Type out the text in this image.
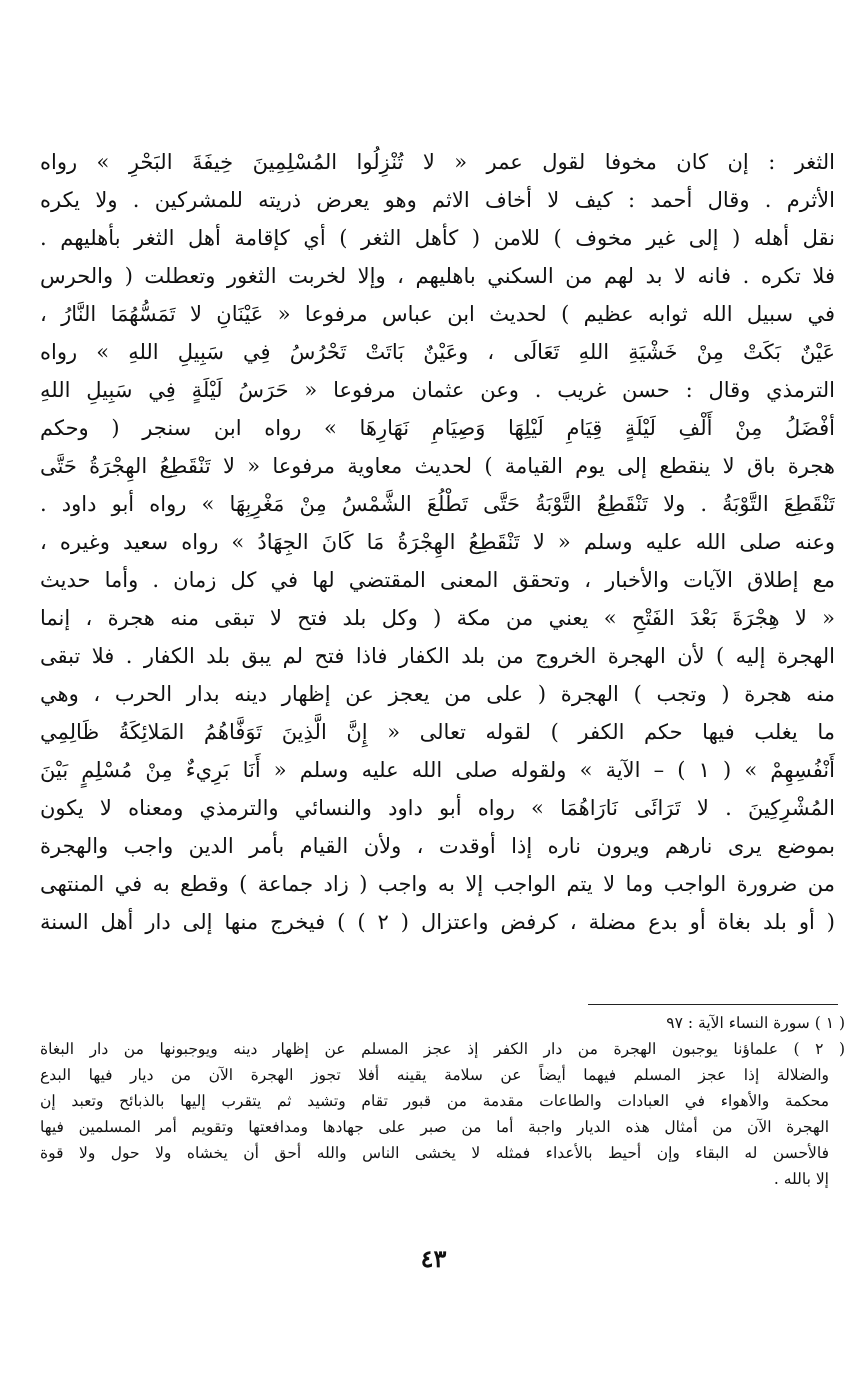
الثغر : إن كان مخوفا لقول عمر « لا تُنْزِلُوا المُسْلِمِينَ خِيفَةَ البَحْرِ » رواه
الأثرم . وقال أحمد : كيف لا أخاف الاثم وهو يعرض ذريته للمشركين . ولا يكره
نقل أهله ( إلى غير مخوف ) للامن ( كأهل الثغر ) أي كإقامة أهل الثغر بأهليهم .
فلا تكره . فانه لا بد لهم من السكني باهليهم ، وإلا لخربت الثغور وتعطلت ( والحرس
في سبيل الله ثوابه عظيم ) لحديث ابن عباس مرفوعا « عَيْنَانِ لا تَمَسُّهُمَا النَّارُ ،
عَيْنٌ بَكَتْ مِنْ خَشْيَةِ اللهِ تَعَالَى ، وعَيْنٌ بَاتَتْ تَحْرُسُ فِي سَبِيلِ اللهِ » رواه
الترمذي وقال : حسن غريب . وعن عثمان مرفوعا « حَرَسُ لَيْلَةٍ فِي سَبِيلِ اللهِ
أفْضَلُ مِنْ أَلْفِ لَيْلَةٍ قِيَامِ لَيْلِهَا وَصِيَامِ نَهَارِهَا » رواه ابن سنجر ( وحكم
هجرة باق لا ينقطع إلى يوم القيامة ) لحديث معاوية مرفوعا « لا تَنْقَطِعُ الهِجْرَةُ حَتَّى
تَنْقَطِعَ التَّوْبَةُ . ولا تَنْقَطِعُ التَّوْبَةُ حَتَّى تَطْلُعَ الشَّمْسُ مِنْ مَغْرِبِهَا » رواه أبو داود .
وعنه صلى الله عليه وسلم « لا تَنْقَطِعُ الهِجْرَةُ مَا كَانَ الجِهَادُ » رواه سعيد وغيره ،
مع إطلاق الآيات والأخبار ، وتحقق المعنى المقتضي لها في كل زمان . وأما حديث
« لا هِجْرَةَ بَعْدَ الفَتْحِ » يعني من مكة ( وكل بلد فتح لا تبقى منه هجرة ، إنما
الهجرة إليه ) لأن الهجرة الخروج من بلد الكفار فاذا فتح لم يبق بلد الكفار . فلا تبقى
منه هجرة ( وتجب ) الهجرة ( على من يعجز عن إظهار دينه بدار الحرب ، وهي
ما يغلب فيها حكم الكفر ) لقوله تعالى « إِنَّ الَّذِينَ تَوَفَّاهُمُ المَلائِكَةُ ظَالِمِي
أَنْفُسِهِمْ » ( ١ ) – الآية » ولقوله صلى الله عليه وسلم « أَنَا بَرِيءٌ مِنْ مُسْلِمٍ بَيْنَ
المُشْرِكِينَ . لا تَرَائَى نَارَاهُمَا » رواه أبو داود والنسائي والترمذي ومعناه لا يكون
بموضع يرى نارهم ويرون ناره إذا أوقدت ، ولأن القيام بأمر الدين واجب والهجرة
من ضرورة الواجب وما لا يتم الواجب إلا به واجب ( زاد جماعة ) وقطع به في المنتهى
( أو بلد بغاة أو بدع مضلة ، كرفض واعتزال ( ٢ ) ) فيخرج منها إلى دار أهل السنة
( ١ ) سورة النساء الآية : ٩٧
( ٢ ) علماؤنا يوجبون الهجرة من دار الكفر إذ عجز المسلم عن إظهار دينه ويوجبونها من دار البغاة
والضلالة إذا عجز المسلم فيهما أيضاً عن سلامة يقينه أفلا تجوز الهجرة الآن من ديار فيها البدع
محكمة والأهواء في العبادات والطاعات مقدمة من قبور تقام وتشيد ثم يتقرب إليها بالذبائح وتعبد إن
الهجرة الآن من أمثال هذه الديار واجبة أما من صبر على جهادها ومدافعتها وتقويم أمر المسلمين فيها
فالأحسن له البقاء وإن أحيط بالأعداء فمثله لا يخشى الناس والله أحق أن يخشاه ولا حول ولا قوة
إلا بالله .
٤٣
